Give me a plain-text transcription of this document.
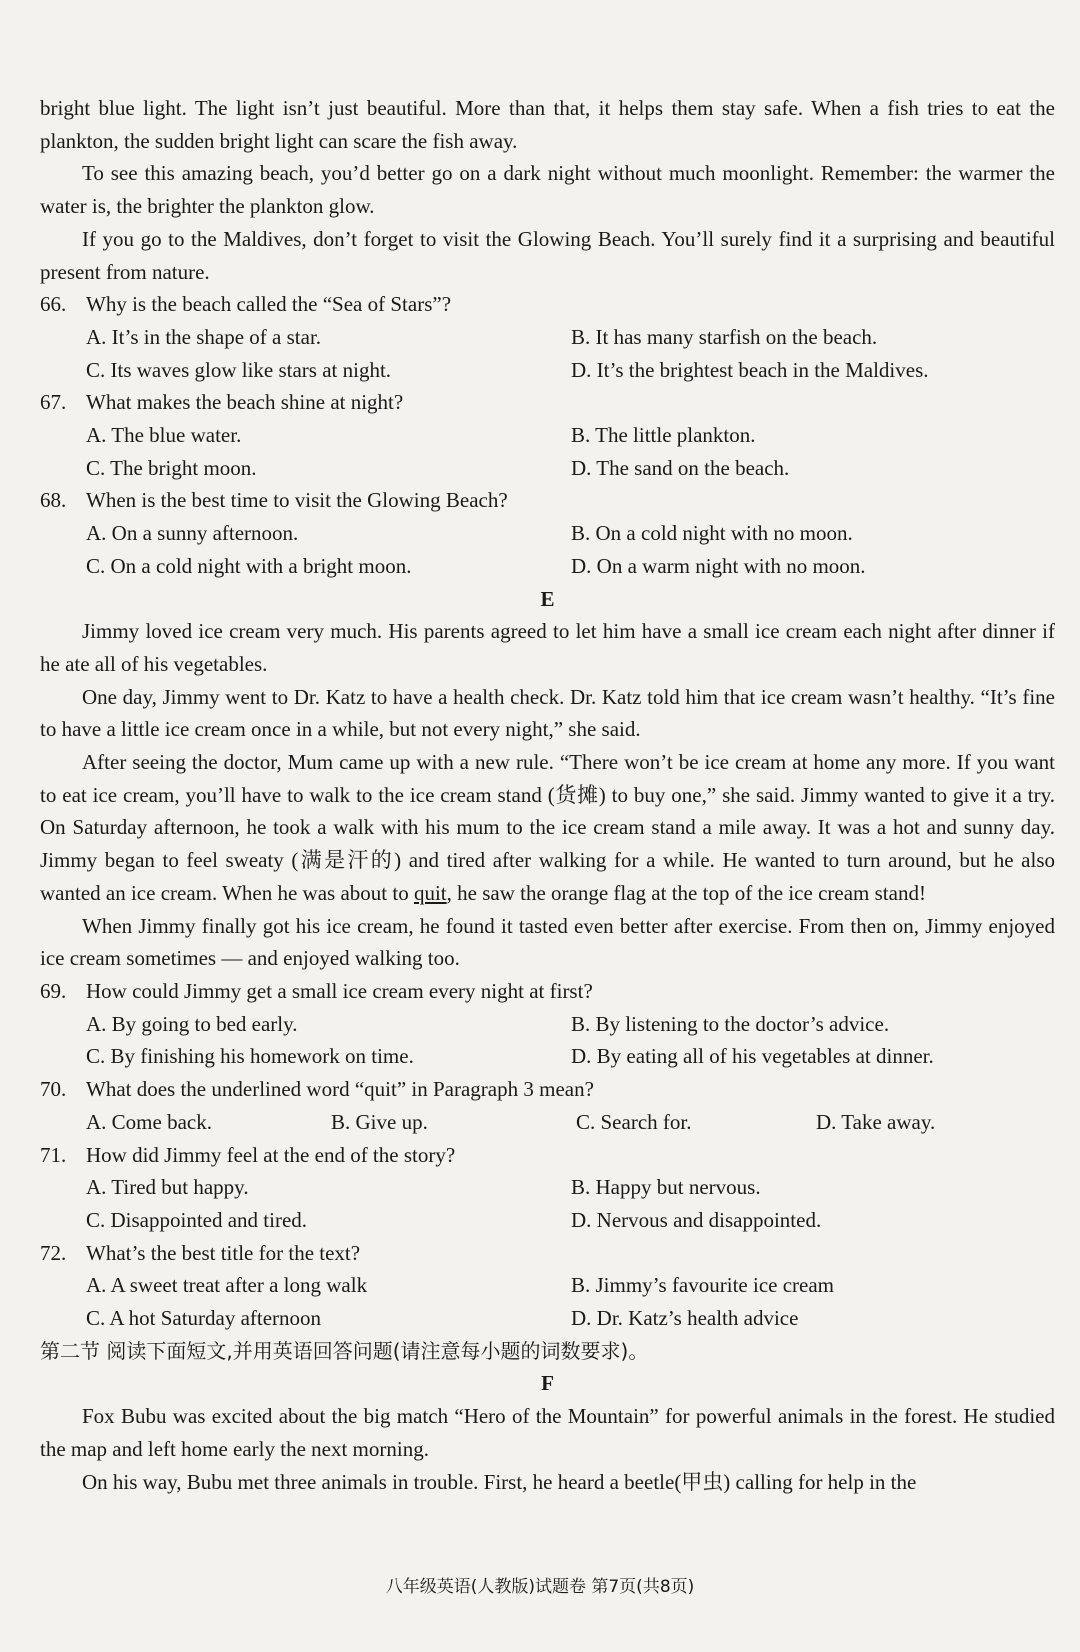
bright blue light. The light isn’t just beautiful. More than that, it helps them stay safe. When a fish tries to eat the plankton, the sudden bright light can scare the fish away.

To see this amazing beach, you’d better go on a dark night without much moonlight. Remember: the warmer the water is, the brighter the plankton glow.

If you go to the Maldives, don’t forget to visit the Glowing Beach. You’ll surely find it a surprising and beautiful present from nature.

66. Why is the beach called the “Sea of Stars”?
A. It’s in the shape of a star.	B. It has many starfish on the beach.
C. Its waves glow like stars at night.	D. It’s the brightest beach in the Maldives.
67. What makes the beach shine at night?
A. The blue water.	B. The little plankton.
C. The bright moon.	D. The sand on the beach.
68. When is the best time to visit the Glowing Beach?
A. On a sunny afternoon.	B. On a cold night with no moon.
C. On a cold night with a bright moon.	D. On a warm night with no moon.
E

Jimmy loved ice cream very much. His parents agreed to let him have a small ice cream each night after dinner if he ate all of his vegetables.

One day, Jimmy went to Dr. Katz to have a health check. Dr. Katz told him that ice cream wasn’t healthy. “It’s fine to have a little ice cream once in a while, but not every night,” she said.

After seeing the doctor, Mum came up with a new rule. “There won’t be ice cream at home any more. If you want to eat ice cream, you’ll have to walk to the ice cream stand (货摊) to buy one,” she said. Jimmy wanted to give it a try. On Saturday afternoon, he took a walk with his mum to the ice cream stand a mile away. It was a hot and sunny day. Jimmy began to feel sweaty (满是汗的) and tired after walking for a while. He wanted to turn around, but he also wanted an ice cream. When he was about to quit, he saw the orange flag at the top of the ice cream stand!

When Jimmy finally got his ice cream, he found it tasted even better after exercise. From then on, Jimmy enjoyed ice cream sometimes — and enjoyed walking too.

69. How could Jimmy get a small ice cream every night at first?
A. By going to bed early.	B. By listening to the doctor’s advice.
C. By finishing his homework on time.	D. By eating all of his vegetables at dinner.
70. What does the underlined word “quit” in Paragraph 3 mean?
A. Come back.	B. Give up.	C. Search for.	D. Take away.
71. How did Jimmy feel at the end of the story?
A. Tired but happy.	B. Happy but nervous.
C. Disappointed and tired.	D. Nervous and disappointed.
72. What’s the best title for the text?
A. A sweet treat after a long walk	B. Jimmy’s favourite ice cream
C. A hot Saturday afternoon	D. Dr. Katz’s health advice
第二节 阅读下面短文,并用英语回答问题(请注意每小题的词数要求)。
F

Fox Bubu was excited about the big match “Hero of the Mountain” for powerful animals in the forest. He studied the map and left home early the next morning.

On his way, Bubu met three animals in trouble. First, he heard a beetle(甲虫) calling for help in the

八年级英语(人教版)试题卷 第7页(共8页)
